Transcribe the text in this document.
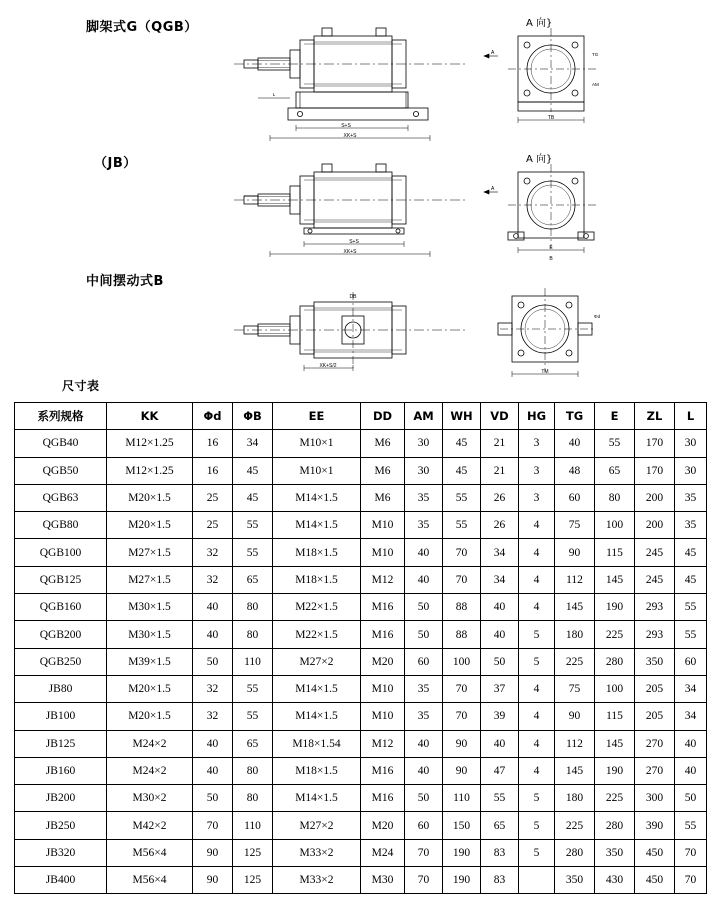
脚架式G（QGB）
（JB）
中间摆动式B
尺寸表
S+S
XK+S
L
A 向}
TB
TG
AM
A
S+S
XK+S
A 向}
E
B
A
DB
XK+S/2
Φd
TM
系列规格	KK	Φd	ΦB	EE	DD	AM	WH	VD	HG	TG	E	ZL	L
QGB40	M12×1.25	16	34	M10×1	M6	30	45	21	3	40	55	170	30
QGB50	M12×1.25	16	45	M10×1	M6	30	45	21	3	48	65	170	30
QGB63	M20×1.5	25	45	M14×1.5	M6	35	55	26	3	60	80	200	35
QGB80	M20×1.5	25	55	M14×1.5	M10	35	55	26	4	75	100	200	35
QGB100	M27×1.5	32	55	M18×1.5	M10	40	70	34	4	90	115	245	45
QGB125	M27×1.5	32	65	M18×1.5	M12	40	70	34	4	112	145	245	45
QGB160	M30×1.5	40	80	M22×1.5	M16	50	88	40	4	145	190	293	55
QGB200	M30×1.5	40	80	M22×1.5	M16	50	88	40	5	180	225	293	55
QGB250	M39×1.5	50	110	M27×2	M20	60	100	50	5	225	280	350	60
JB80	M20×1.5	32	55	M14×1.5	M10	35	70	37	4	75	100	205	34
JB100	M20×1.5	32	55	M14×1.5	M10	35	70	39	4	90	115	205	34
JB125	M24×2	40	65	M18×1.54	M12	40	90	40	4	112	145	270	40
JB160	M24×2	40	80	M18×1.5	M16	40	90	47	4	145	190	270	40
JB200	M30×2	50	80	M14×1.5	M16	50	110	55	5	180	225	300	50
JB250	M42×2	70	110	M27×2	M20	60	150	65	5	225	280	390	55
JB320	M56×4	90	125	M33×2	M24	70	190	83	5	280	350	450	70
JB400	M56×4	90	125	M33×2	M30	70	190	83		350	430	450	70
